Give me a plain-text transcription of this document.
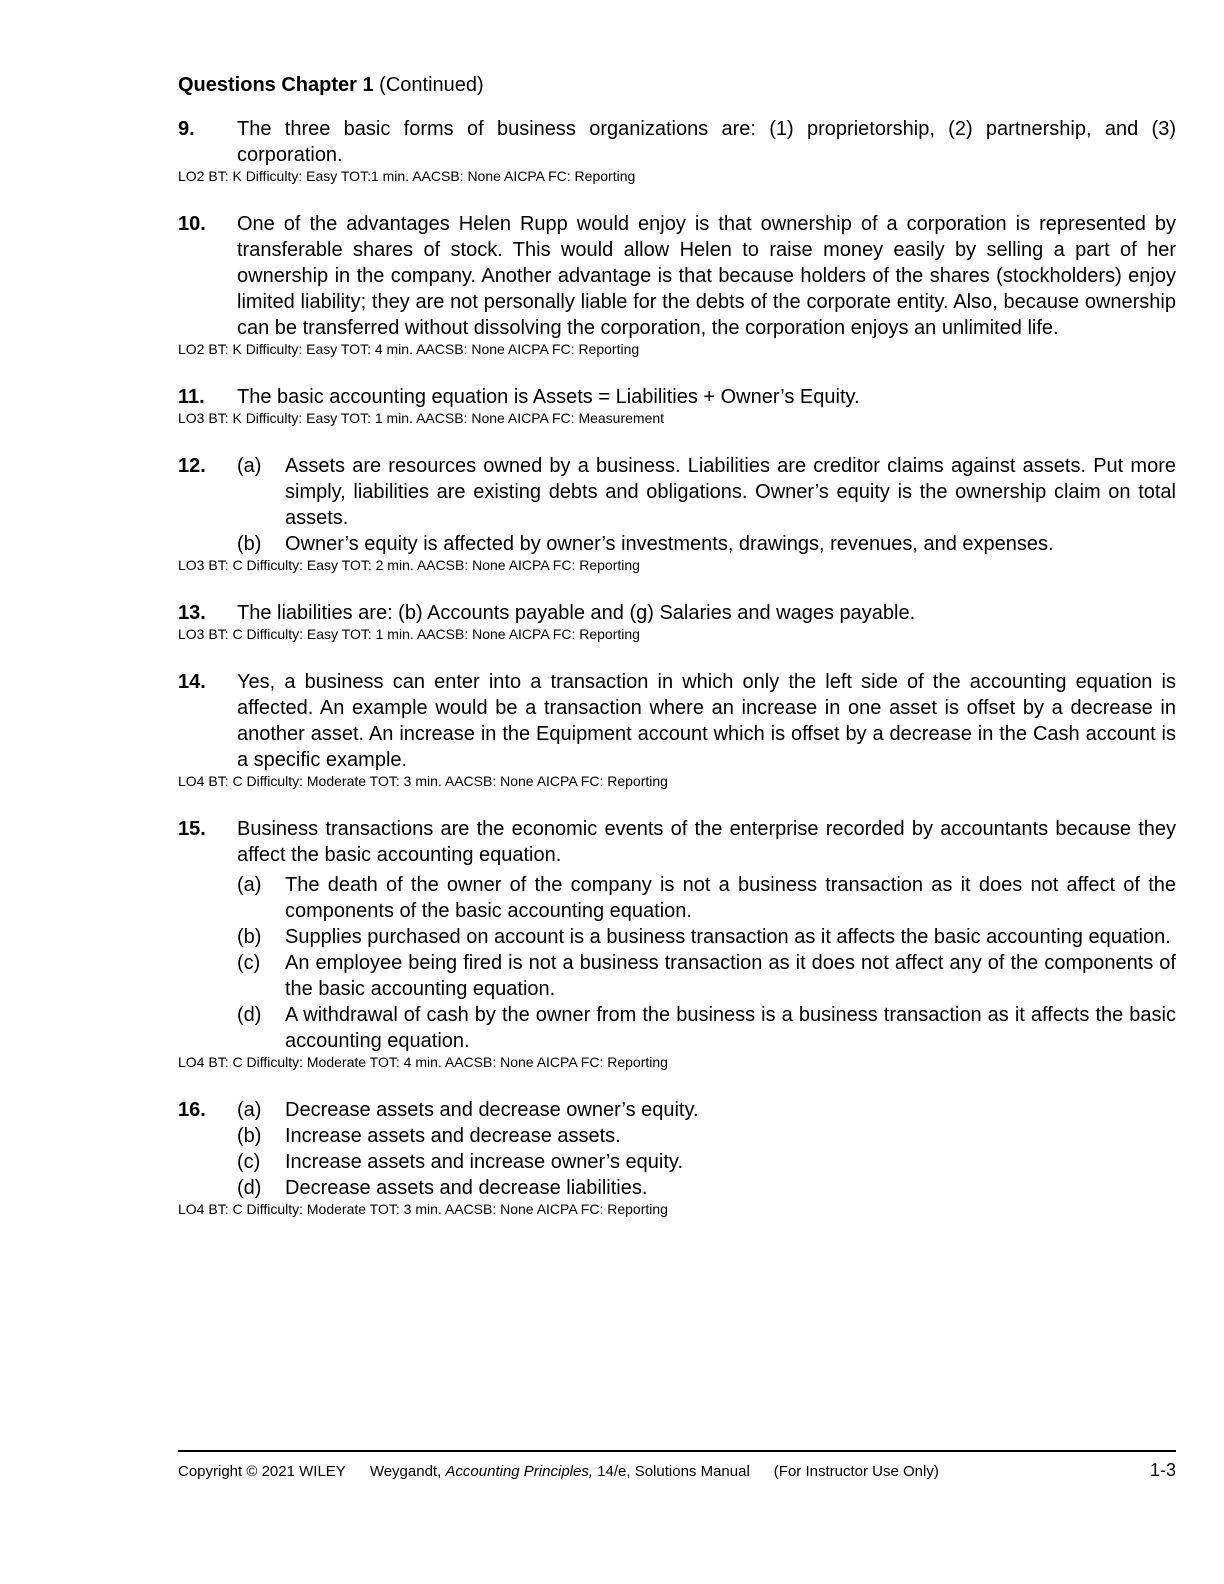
Questions Chapter 1 (Continued)
9. The three basic forms of business organizations are: (1) proprietorship, (2) partnership, and (3) corporation.
LO2 BT: K Difficulty: Easy TOT:1 min. AACSB: None AICPA FC: Reporting
10. One of the advantages Helen Rupp would enjoy is that ownership of a corporation is represented by transferable shares of stock. This would allow Helen to raise money easily by selling a part of her ownership in the company. Another advantage is that because holders of the shares (stockholders) enjoy limited liability; they are not personally liable for the debts of the corporate entity. Also, because ownership can be transferred without dissolving the corporation, the corporation enjoys an unlimited life.
LO2 BT: K Difficulty: Easy TOT: 4 min. AACSB: None AICPA FC: Reporting
11. The basic accounting equation is Assets = Liabilities + Owner’s Equity.
LO3 BT: K Difficulty: Easy TOT: 1 min. AACSB: None AICPA FC: Measurement
12. (a) Assets are resources owned by a business. Liabilities are creditor claims against assets. Put more simply, liabilities are existing debts and obligations. Owner’s equity is the ownership claim on total assets.
(b) Owner’s equity is affected by owner’s investments, drawings, revenues, and expenses.
LO3 BT: C Difficulty: Easy TOT: 2 min. AACSB: None AICPA FC: Reporting
13. The liabilities are: (b) Accounts payable and (g) Salaries and wages payable.
LO3 BT: C Difficulty: Easy TOT: 1 min. AACSB: None AICPA FC: Reporting
14. Yes, a business can enter into a transaction in which only the left side of the accounting equation is affected. An example would be a transaction where an increase in one asset is offset by a decrease in another asset. An increase in the Equipment account which is offset by a decrease in the Cash account is a specific example.
LO4 BT: C Difficulty: Moderate TOT: 3 min. AACSB: None AICPA FC: Reporting
15. Business transactions are the economic events of the enterprise recorded by accountants because they affect the basic accounting equation.
(a) The death of the owner of the company is not a business transaction as it does not affect of the components of the basic accounting equation.
(b) Supplies purchased on account is a business transaction as it affects the basic accounting equation.
(c) An employee being fired is not a business transaction as it does not affect any of the components of the basic accounting equation.
(d) A withdrawal of cash by the owner from the business is a business transaction as it affects the basic accounting equation.
LO4 BT: C Difficulty: Moderate TOT: 4 min. AACSB: None AICPA FC: Reporting
16. (a) Decrease assets and decrease owner’s equity.
(b) Increase assets and decrease assets.
(c) Increase assets and increase owner’s equity.
(d) Decrease assets and decrease liabilities.
LO4 BT: C Difficulty: Moderate TOT: 3 min. AACSB: None AICPA FC: Reporting
Copyright © 2021 WILEY Weygandt,
Accounting Principles,
14/e, Solutions Manual (For Instructor Use Only)	1-3
